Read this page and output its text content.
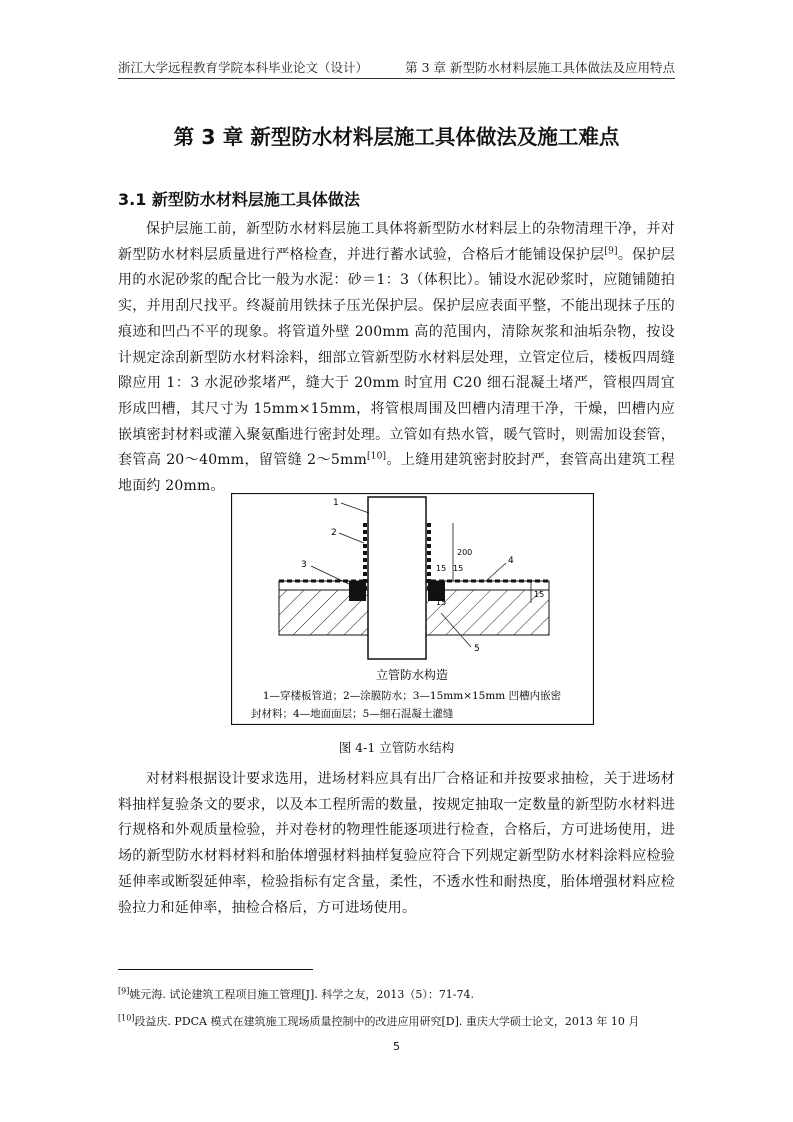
浙江大学远程教育学院本科毕业论文（设计）	第 3 章 新型防水材料层施工具体做法及应用特点
第 3 章 新型防水材料层施工具体做法及施工难点
3.1 新型防水材料层施工具体做法
保护层施工前，新型防水材料层施工具体将新型防水材料层上的杂物清理干净，并对新型防水材料层质量进行严格检查，并进行蓄水试验，合格后才能铺设保护层[9]。保护层用的水泥砂浆的配合比一般为水泥：砂＝1：3（体积比）。铺设水泥砂浆时，应随铺随拍实，并用刮尺找平。终凝前用铁抹子压光保护层。保护层应表面平整，不能出现抹子压的痕迹和凹凸不平的现象。将管道外壁 200mm 高的范围内，清除灰浆和油垢杂物，按设计规定涂刮新型防水材料涂料，细部立管新型防水材料层处理，立管定位后，楼板四周缝隙应用 1：3 水泥砂浆堵严，缝大于 20mm 时宜用 C20 细石混凝土堵严，管根四周宜形成凹槽，其尺寸为 15mm×15mm，将管根周围及凹槽内清理干净，干燥，凹槽内应嵌填密封材料或灌入聚氨酯进行密封处理。立管如有热水管，暖气管时，则需加设套管，套管高 20～40mm，留管缝 2～5mm[10]。上缝用建筑密封胶封严，套管高出建筑工程地面约 20mm。
200
15 15
15
15
1
2
3	4
5
立管防水构造
1—穿楼板管道；2—涂膜防水；3—15mm×15mm 凹槽内嵌密
封材料；4—地面面层；5—细石混凝土灌缝
图 4-1 立管防水结构
对材料根据设计要求选用，进场材料应具有出厂合格证和并按要求抽检，关于进场材料抽样复验条文的要求，以及本工程所需的数量，按规定抽取一定数量的新型防水材料进行规格和外观质量检验，并对卷材的物理性能逐项进行检查，合格后，方可进场使用，进场的新型防水材料材料和胎体增强材料抽样复验应符合下列规定新型防水材料涂料应检验延伸率或断裂延伸率，检验指标有定含量，柔性，不透水性和耐热度，胎体增强材料应检验拉力和延伸率，抽检合格后，方可进场使用。
[9]姚元海. 试论建筑工程项目施工管理[J]. 科学之友，2013（5）：71-74.
[10]段益庆. PDCA 模式在建筑施工现场质量控制中的改进应用研究[D]. 重庆大学硕士论文，2013 年 10 月
5
